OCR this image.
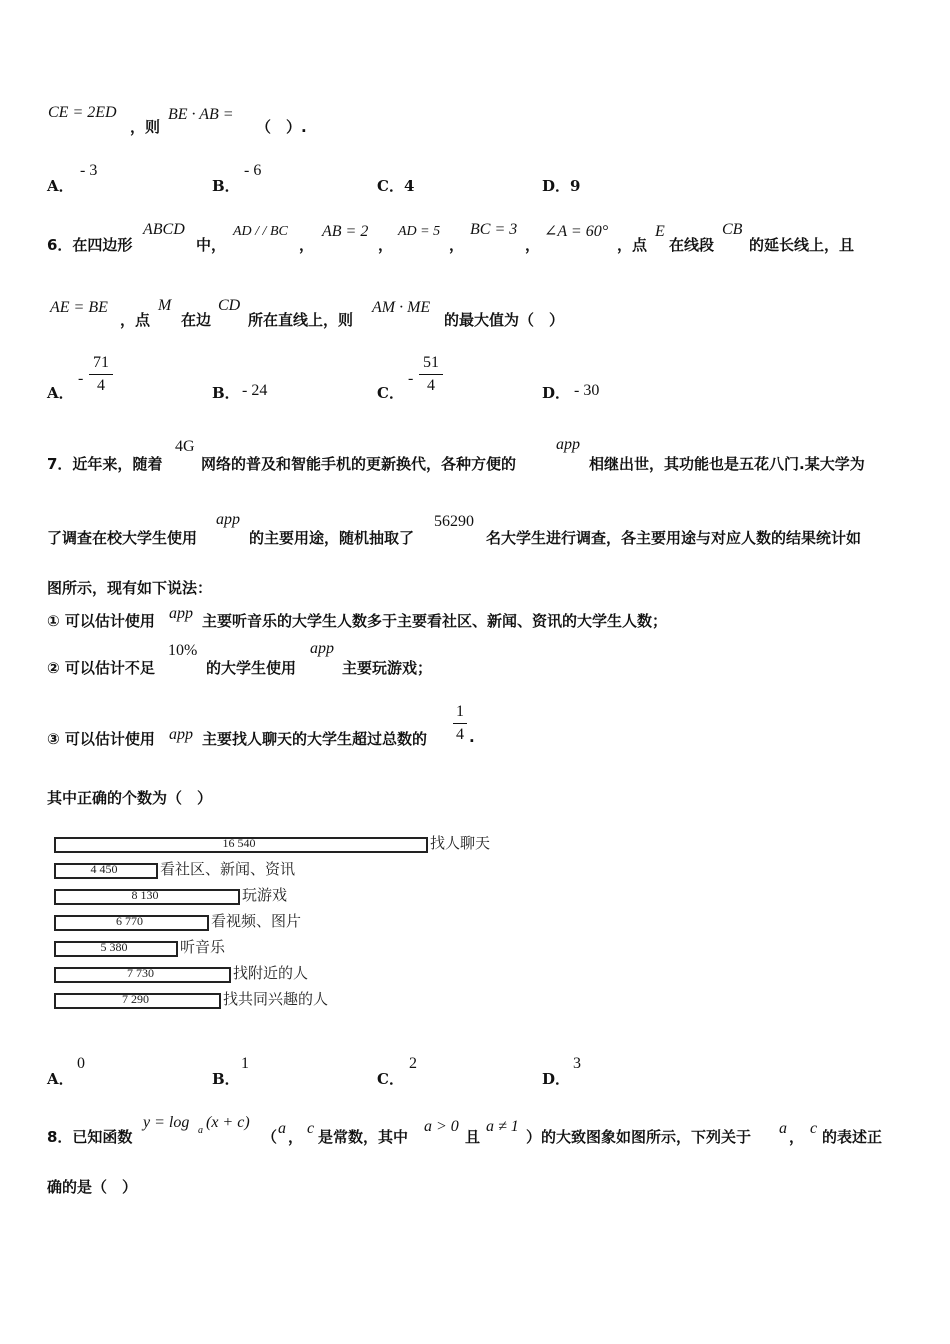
CE = 2ED
，则
BE · AB =
（　）.
A．
- 3
B．
- 6
C．4	D．9
6．在四边形
ABCD
中，
AD / / BC
，
AB = 2
，
AD = 5
，
BC = 3
，
∠A = 60°
，点
E
在线段
CB
的延长线上，且
AE = BE
，点
M
在边
CD
所在直线上，则
AM · ME
的最大值为（　）
A．
-
71
4	B． - 24	C．
-
51
4	D． - 30
7．近年来，随着
4G
网络的普及和智能手机的更新换代，各种方便的
app
相继出世，其功能也是五花八门.某大学为
了调查在校大学生使用
app
的主要用途，随机抽取了
56290
名大学生进行调查，各主要用途与对应人数的结果统计如
图所示，现有如下说法：
① 可以估计使用 app 主要听音乐的大学生人数多于主要看社区、新闻、资讯的大学生人数；
② 可以估计不足
10%
的大学生使用
app
主要玩游戏；
③ 可以估计使用 app 主要找人聊天的大学生超过总数的
1
4 .
其中正确的个数为（　）
16 540	找人聊天
4 450	看社区、新闻、资讯
8 130	玩游戏
6 770	看视频、图片
5 380	听音乐
7 730	找附近的人
7 290	找共同兴趣的人
A．
0
B．
1
C．
2
D．
3
8．已知函数
y = log a (x + c)
（ a ， c 是常数，其中
a > 0
且
a ≠ 1
）的大致图象如图所示，下列关于 a ， c 的表述正
确的是（　）
